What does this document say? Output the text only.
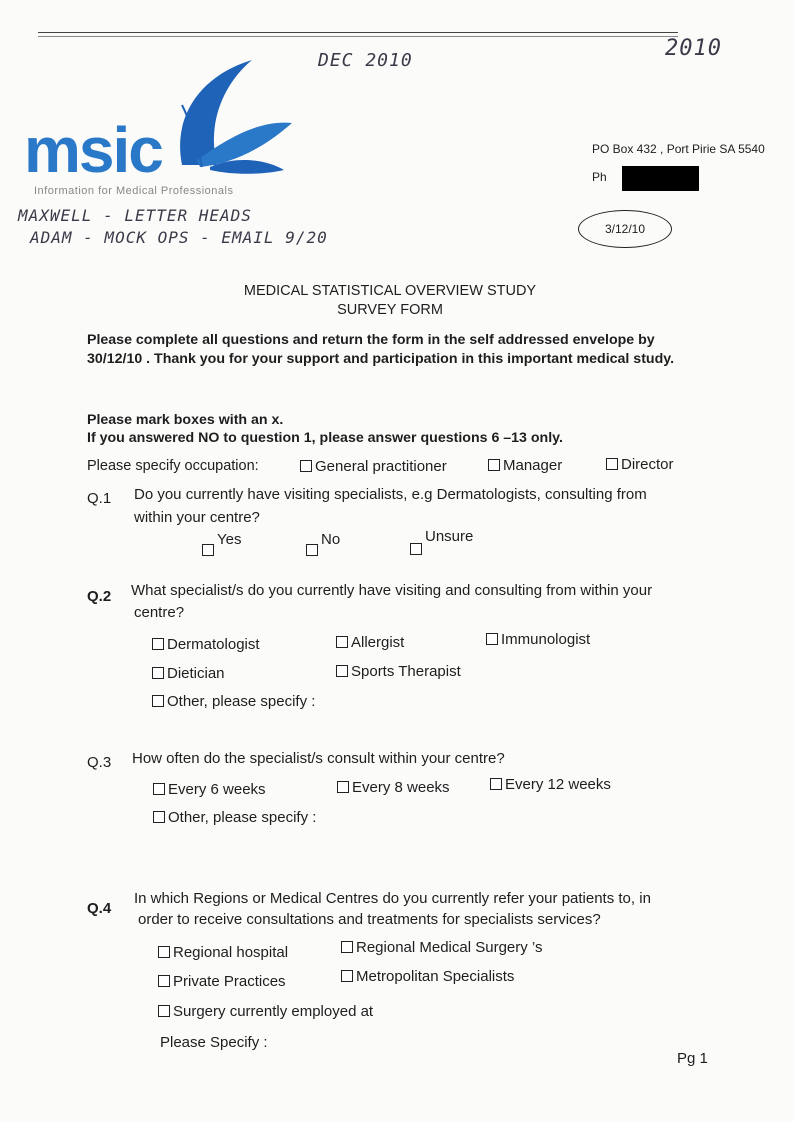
DEC 2010	2010
MAXWELL - LETTER HEADS
ADAM - MOCK OPS - EMAIL 9/20	3/12/10
msic
Information for Medical Professionals
PO Box 432 , Port Pirie SA 5540
Ph
MEDICAL STATISTICAL OVERVIEW STUDY
SURVEY FORM
Please complete all questions and return the form in the self addressed envelope by
30/12/10 . Thank you for your support and participation in this important medical study.
Please mark boxes with an x.
If you answered NO to question 1, please answer questions 6 –13 only.
Please specify occupation:	General practitioner	Manager	Director
Q.1 Do you currently have visiting specialists, e.g Dermatologists, consulting from
within your centre?
Yes	No	Unsure
Q.2 What specialist/s do you currently have visiting and consulting from within your
centre?
Dermatologist	Allergist	Immunologist
Dietician	Sports Therapist
Other, please specify :
Q.3 How often do the specialist/s consult within your centre?
Every 6 weeks	Every 8 weeks	Every 12 weeks
Other, please specify :
Q.4
In which Regions or Medical Centres do you currently refer your patients to, in
order to receive consultations and treatments for specialists services?
Regional hospital	Regional Medical Surgery ’s
Private Practices	Metropolitan Specialists
Surgery currently employed at
Please Specify :
Pg 1
